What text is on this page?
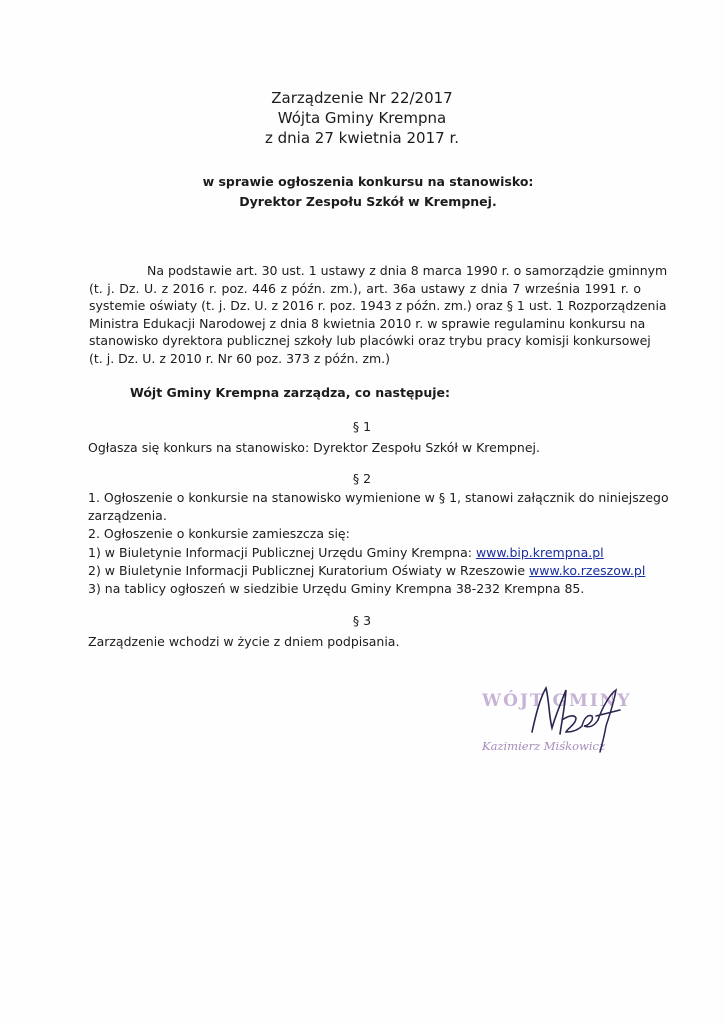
Zarządzenie Nr 22/2017
Wójta Gminy Krempna
z dnia 27 kwietnia 2017 r.
w sprawie ogłoszenia konkursu na stanowisko:
Dyrektor Zespołu Szkół w Krempnej.
Na podstawie art. 30 ust. 1 ustawy z dnia 8 marca 1990 r. o samorządzie gminnym
(t. j. Dz. U. z 2016 r. poz. 446 z późn. zm.), art. 36a ustawy z dnia 7 września 1991 r. o
systemie oświaty (t. j. Dz. U. z 2016 r. poz. 1943 z późn. zm.) oraz § 1 ust. 1 Rozporządzenia
Ministra Edukacji Narodowej z dnia 8 kwietnia 2010 r. w sprawie regulaminu konkursu na
stanowisko dyrektora publicznej szkoły lub placówki oraz trybu pracy komisji konkursowej
(t. j. Dz. U. z 2010 r. Nr 60 poz. 373 z późn. zm.)
Wójt Gminy Krempna zarządza, co następuje:
§ 1
Ogłasza się konkurs na stanowisko: Dyrektor Zespołu Szkół w Krempnej.
§ 2
1. Ogłoszenie o konkursie na stanowisko wymienione w § 1, stanowi załącznik do niniejszego
zarządzenia.
2. Ogłoszenie o konkursie zamieszcza się:
1) w Biuletynie Informacji Publicznej Urzędu Gminy Krempna: www.bip.krempna.pl
2) w Biuletynie Informacji Publicznej Kuratorium Oświaty w Rzeszowie www.ko.rzeszow.pl
3) na tablicy ogłoszeń w siedzibie Urzędu Gminy Krempna 38-232 Krempna 85.
§ 3
Zarządzenie wchodzi w życie z dniem podpisania.
WÓJT GMINY
Kazimierz Miśkowicz
